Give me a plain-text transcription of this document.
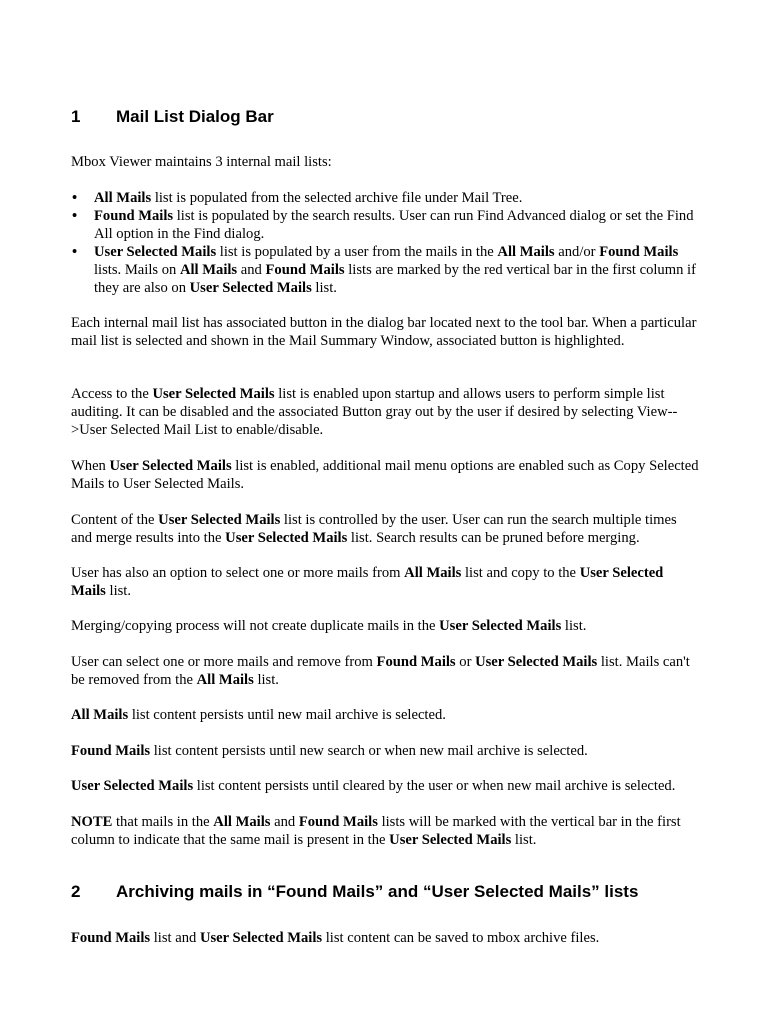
1 Mail List Dialog Bar
Mbox Viewer maintains 3 internal mail lists:
• All Mails list is populated from the selected archive file under Mail Tree.
• Found Mails list is populated by the search results. User can run Find Advanced dialog or set the Find All option in the Find dialog.
• User Selected Mails list is populated by a user from the mails in the All Mails and/or Found Mails lists. Mails on All Mails and Found Mails lists are marked by the red vertical bar in the first column if they are also on User Selected Mails list.
Each internal mail list has associated button in the dialog bar located next to the tool bar. When a particular mail list is selected and shown in the Mail Summary Window, associated button is highlighted.
Access to the User Selected Mails list is enabled upon startup and allows users to perform simple list auditing. It can be disabled and the associated Button gray out by the user if desired by selecting View-->User Selected Mail List to enable/disable.
When User Selected Mails list is enabled, additional mail menu options are enabled such as Copy Selected Mails to User Selected Mails.
Content of the User Selected Mails list is controlled by the user. User can run the search multiple times and merge results into the User Selected Mails list. Search results can be pruned before merging.
User has also an option to select one or more mails from All Mails list and copy to the User Selected Mails list.
Merging/copying process will not create duplicate mails in the User Selected Mails list.
User can select one or more mails and remove from Found Mails or User Selected Mails list. Mails can't be removed from the All Mails list.
All Mails list content persists until new mail archive is selected.
Found Mails list content persists until new search or when new mail archive is selected.
User Selected Mails list content persists until cleared by the user or when new mail archive is selected.
NOTE that mails in the All Mails and Found Mails lists will be marked with the vertical bar in the first column to indicate that the same mail is present in the User Selected Mails list.
2 Archiving mails in “Found Mails” and “User Selected Mails” lists
Found Mails list and User Selected Mails list content can be saved to mbox archive files.
